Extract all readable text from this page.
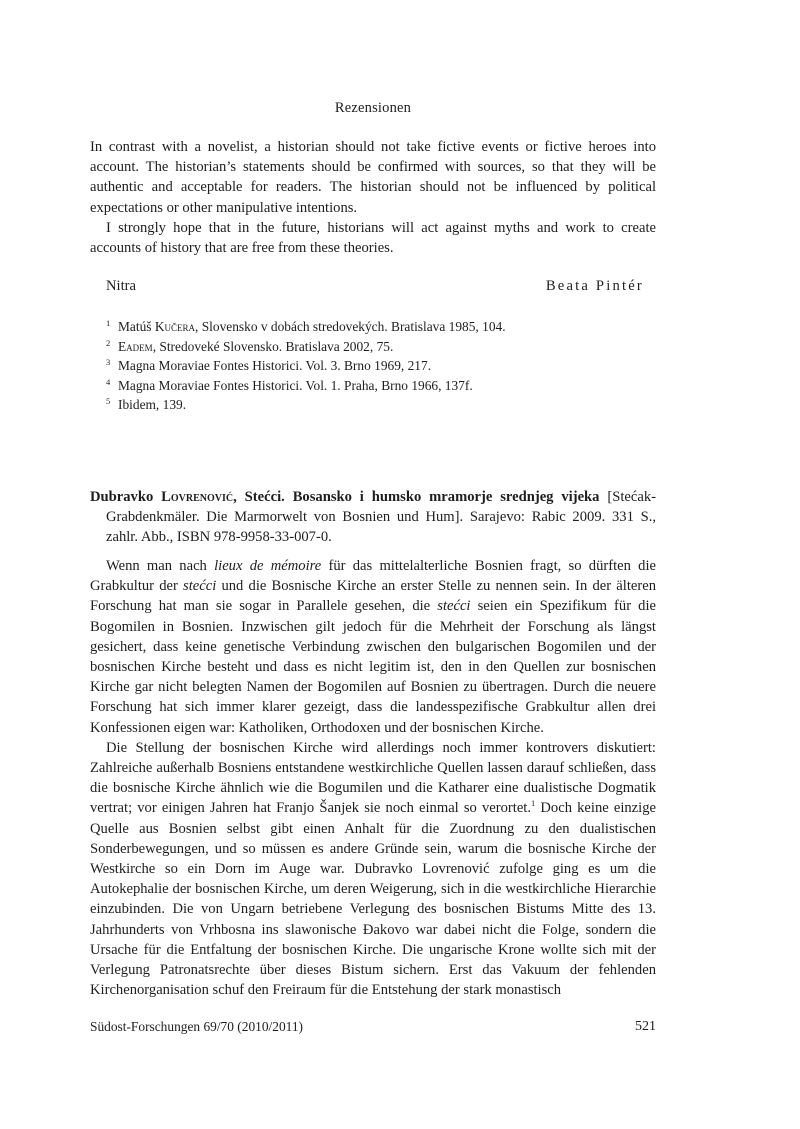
Rezensionen

In contrast with a novelist, a historian should not take fictive events or fictive heroes into account. The historian’s statements should be confirmed with sources, so that they will be authentic and acceptable for readers. The historian should not be influenced by political expectations or other manipulative intentions.

I strongly hope that in the future, historians will act against myths and work to create accounts of history that are free from these theories.

Nitra	Beata Pintér
$^1$ Matúš Kučera, Slovensko v dobách stredovekých. Bratislava 1985, 104.
$^2$ Eadem, Stredoveké Slovensko. Bratislava 2002, 75.
$^3$ Magna Moraviae Fontes Historici. Vol. 3. Brno 1969, 217.
$^4$ Magna Moraviae Fontes Historici. Vol. 1. Praha, Brno 1966, 137f.
$^5$ Ibidem, 139.
Dubravko Lovrenović, Stećci. Bosansko i humsko mramorje srednjeg vijeka [Stećak-Grabdenkmäler. Die Marmorwelt von Bosnien und Hum]. Sarajevo: Rabic 2009. 331 S., zahlr. Abb., ISBN 978-9958-33-007-0.

Wenn man nach lieux de mémoire für das mittelalterliche Bosnien fragt, so dürften die Grabkultur der stećci und die Bosnische Kirche an erster Stelle zu nennen sein. In der älteren Forschung hat man sie sogar in Parallele gesehen, die stećci seien ein Spezifikum für die Bogomilen in Bosnien. Inzwischen gilt jedoch für die Mehrheit der Forschung als längst gesichert, dass keine genetische Verbindung zwischen den bulgarischen Bogomilen und der bosnischen Kirche besteht und dass es nicht legitim ist, den in den Quellen zur bosnischen Kirche gar nicht belegten Namen der Bogomilen auf Bosnien zu übertragen. Durch die neuere Forschung hat sich immer klarer gezeigt, dass die landesspezifische Grabkultur allen drei Konfessionen eigen war: Katholiken, Orthodoxen und der bosnischen Kirche.

Die Stellung der bosnischen Kirche wird allerdings noch immer kontrovers diskutiert: Zahlreiche außerhalb Bosniens entstandene westkirchliche Quellen lassen darauf schließen, dass die bosnische Kirche ähnlich wie die Bogumilen und die Katharer eine dualistische Dogmatik vertrat; vor einigen Jahren hat Franjo Šanjek sie noch einmal so verortet.$^1$ Doch keine einzige Quelle aus Bosnien selbst gibt einen Anhalt für die Zuordnung zu den dualistischen Sonderbewegungen, und so müssen es andere Gründe sein, warum die bosnische Kirche der Westkirche so ein Dorn im Auge war. Dubravko Lovrenović zufolge ging es um die Autokephalie der bosnischen Kirche, um deren Weigerung, sich in die westkirchliche Hierarchie einzubinden. Die von Ungarn betriebene Verlegung des bosnischen Bistums Mitte des 13. Jahrhunderts von Vrhbosna ins slawonische Đakovo war dabei nicht die Folge, sondern die Ursache für die Entfaltung der bosnischen Kirche. Die ungarische Krone wollte sich mit der Verlegung Patronatsrechte über dieses Bistum sichern. Erst das Vakuum der fehlenden Kirchenorganisation schuf den Freiraum für die Entstehung der stark monastisch

Südost-Forschungen 69/70 (2010/2011)	521
